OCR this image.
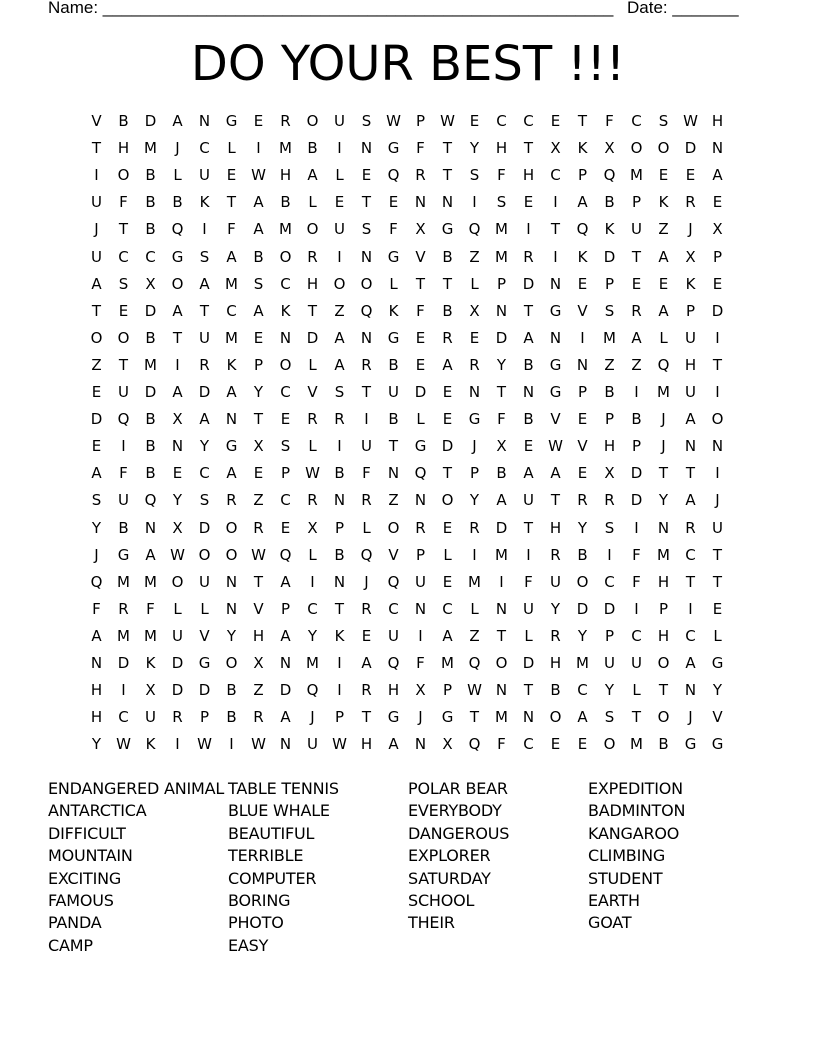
Name: ______________________________________________________ Date: _______
DO YOUR BEST !!!
V	B	D	A	N	G	E	R	O	U	S W	P	W E	C	C	E	T	F	C	S W H
T	H M	J	C	L	I	M	B	I	N	G	F	T	Y	H	T	X	K	X	O	O	D	N
I	O	B	L	U	E W H	A	L	E	Q	R	T	S	F	H	C	P	Q M	E	E	A
U	F	B	B	K	T	A	B	L	E	T	E	N	N	I	S	E	I	A	B	P	K	R	E
J	T	B	Q	I	F	A	M O	U	S	F	X	G	Q M	I	T	Q	K	U	Z	J	X
U	C	C	G	S	A	B	O	R	I	N	G	V	B	Z	M	R	I	K	D	T	A	X	P
A	S	X	O	A	M	S	C	H	O	O	L	T	T	L	P	D	N	E	P	E	E	K	E
T	E	D	A	T	C	A	K	T	Z	Q	K	F	B	X	N	T	G	V	S	R	A	P	D
O	O	B	T	U	M	E	N	D	A	N	G	E	R	E	D	A	N	I	M	A	L	U	I
Z	T	M	I	R	K	P	O	L	A	R	B	E	A	R	Y	B	G	N	Z	Z	Q	H	T
E	U	D	A	D	A	Y	C	V	S	T	U	D	E	N	T	N	G	P	B	I	M	U	I
D	Q	B	X	A	N	T	E	R	R	I	B	L	E	G	F	B	V	E	P	B	J	A	O
E	I	B	N	Y	G	X	S	L	I	U	T	G	D	J	X	E W V	H	P	J	N	N
A	F	B	E	C	A	E	P	W B	F	N	Q	T	P	B	A	A	E	X	D	T	T	I
S	U	Q	Y	S	R	Z	C	R	N	R	Z	N	O	Y	A	U	T	R	R	D	Y	A	J
Y	B	N	X	D	O	R	E	X	P	L	O	R	E	R	D	T	H	Y	S	I	N	R	U
J	G	A W O	O W Q	L	B	Q	V	P	L	I	M	I	R	B	I	F	M	C	T
Q M M O	U	N	T	A	I	N	J	Q	U	E	M	I	F	U	O	C	F	H	T	T
F	R	F	L	L	N	V	P	C	T	R	C	N	C	L	N	U	Y	D	D	I	P	I	E
A	M M	U	V	Y	H	A	Y	K	E	U	I	A	Z	T	L	R	Y	P	C	H	C	L
N	D	K	D	G	O	X	N M	I	A	Q	F	M Q	O	D	H M	U	U	O	A	G
H	I	X	D	D	B	Z	D	Q	I	R	H	X	P	W N	T	B	C	Y	L	T	N	Y
H	C	U	R	P	B	R	A	J	P	T	G	J	G	T	M N	O	A	S	T	O	J	V
Y	W K	I	W	I	W N	U W H	A	N	X	Q	F	C	E	E	O M	B	G	G
ENDANGERED ANIMAL
ANTARCTICA
DIFFICULT
MOUNTAIN
EXCITING
FAMOUS
PANDA
CAMP
TABLE TENNIS
BLUE WHALE
BEAUTIFUL
TERRIBLE
COMPUTER
BORING
PHOTO
EASY
POLAR BEAR
EVERYBODY
DANGEROUS
EXPLORER
SATURDAY
SCHOOL
THEIR
EXPEDITION
BADMINTON
KANGAROO
CLIMBING
STUDENT
EARTH
GOAT
